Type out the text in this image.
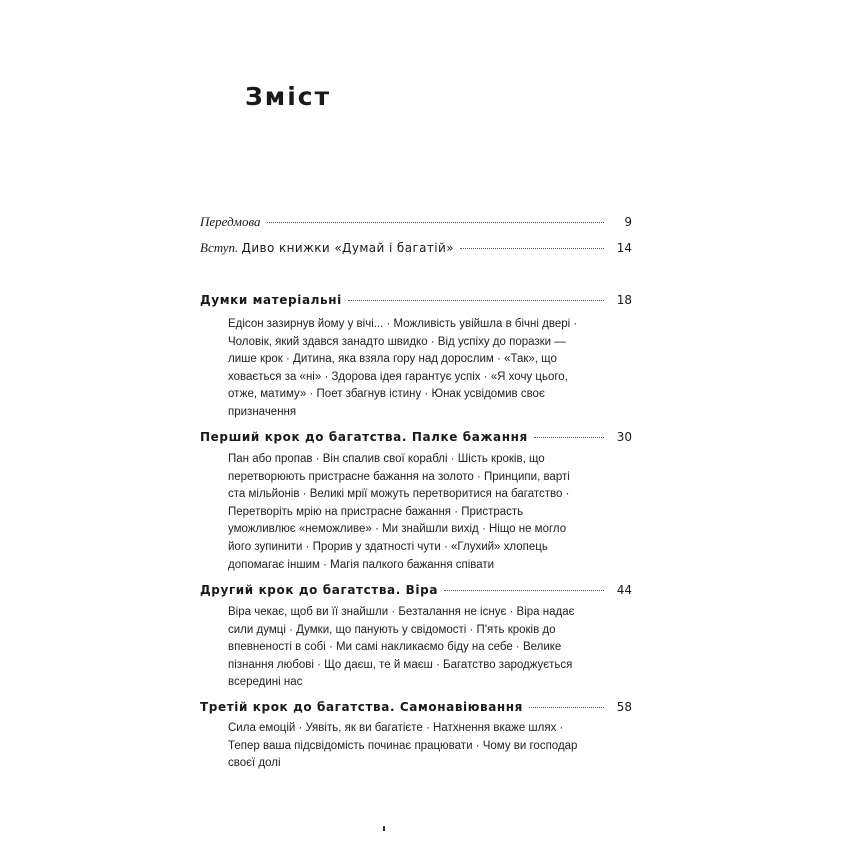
Зміст
Передмова	9
Вступ. Диво книжки «Думай і багатій»	14
Думки матеріальні	18

Едісон зазирнув йому у вічі... · Можливість увійшла в бічні двері ·

Чоловік, який здався занадто швидко · Від успіху до поразки —

лише крок · Дитина, яка взяла гору над дорослим · «Так», що

ховається за «ні» · Здорова ідея гарантує успіх · «Я хочу цього,

отже, матиму» · Поет збагнув істину · Юнак усвідомив своє

призначення

Перший крок до багатства. Палке бажання	30

Пан або пропав · Він спалив свої кораблі · Шість кроків, що

перетворюють пристрасне бажання на золото · Принципи, варті

ста мільйонів · Великі мрії можуть перетворитися на багатство ·

Перетворіть мрію на пристрасне бажання · Пристрасть

уможливлює «неможливе» · Ми знайшли вихід · Ніщо не могло

його зупинити · Прорив у здатності чути · «Глухий» хлопець

допомагає іншим · Магія палкого бажання співати

Другий крок до багатства. Віра	44

Віра чекає, щоб ви її знайшли · Безталання не існує · Віра надає

сили думці · Думки, що панують у свідомості · П'ять кроків до

впевненості в собі · Ми самі накликаємо біду на себе · Велике

пізнання любові · Що даєш, те й маєш · Багатство зароджується

всередині нас

Третій крок до багатства. Самонавіювання	58

Сила емоцій · Уявіть, як ви багатієте · Натхнення вкаже шлях ·

Тепер ваша підсвідомість починає працювати · Чому ви господар

своєї долі
